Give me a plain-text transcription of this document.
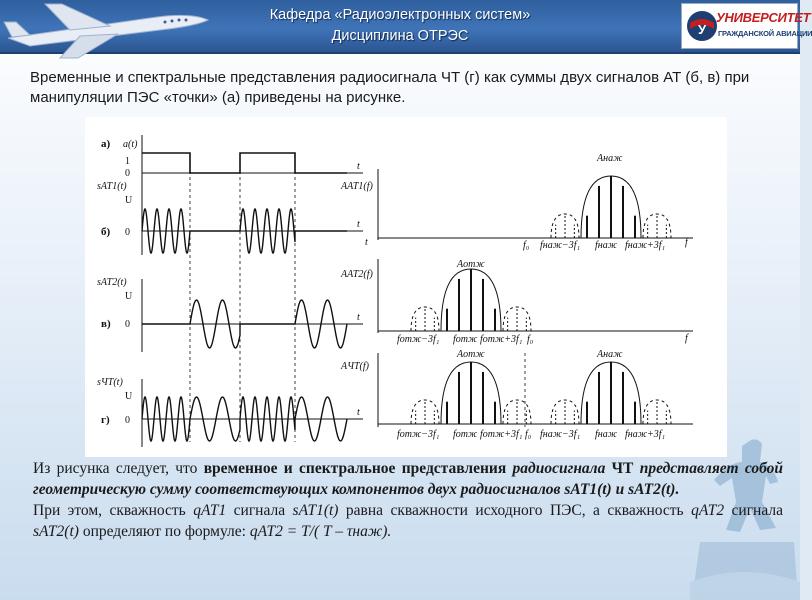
Кафедра «Радиоэлектронных систем»
Дисциплина ОТРЭС	У
УНИВЕРСИТЕТ
ГРАЖДАНСКОЙ АВИАЦИИ
Временные и спектральные представления радиосигнала ЧТ (г) как суммы двух сигналов АТ (б, в) при манипуляции ПЭС «точки» (а) приведены на рисунке.
а) a(t)
1
0
t
sAT1(t)
U
б) 0
t
sAT2(t)
U
в) 0
t
sЧТ(t)
U
г) 0
t
AAT1(f)
t	f
Aнаж
f₀ fнаж−3f₁ fнаж fнаж+3f₁
AAT2(f)
f
Aотж
fотж−3f₁ fотж fотж+3f₁ f₀
AЧТ(f)
Aотж	Aнаж
fотж−3f₁ fотж fотж+3f₁ f₀ fнаж−3f₁ fнаж fнаж+3f₁
Из рисунка следует, что временное и спектральное представления радиосигнала ЧТ представляет собой геометрическую сумму соответствующих компонентов двух радиосигналов sAT1(t) и sAT2(t).
При этом, скважность qAT1 сигнала sAT1(t) равна скважности исходного ПЭС, а скважность qAT2 сигнала sAT2(t) определяют по формуле: qAT2 = T/( T – τнаж).
